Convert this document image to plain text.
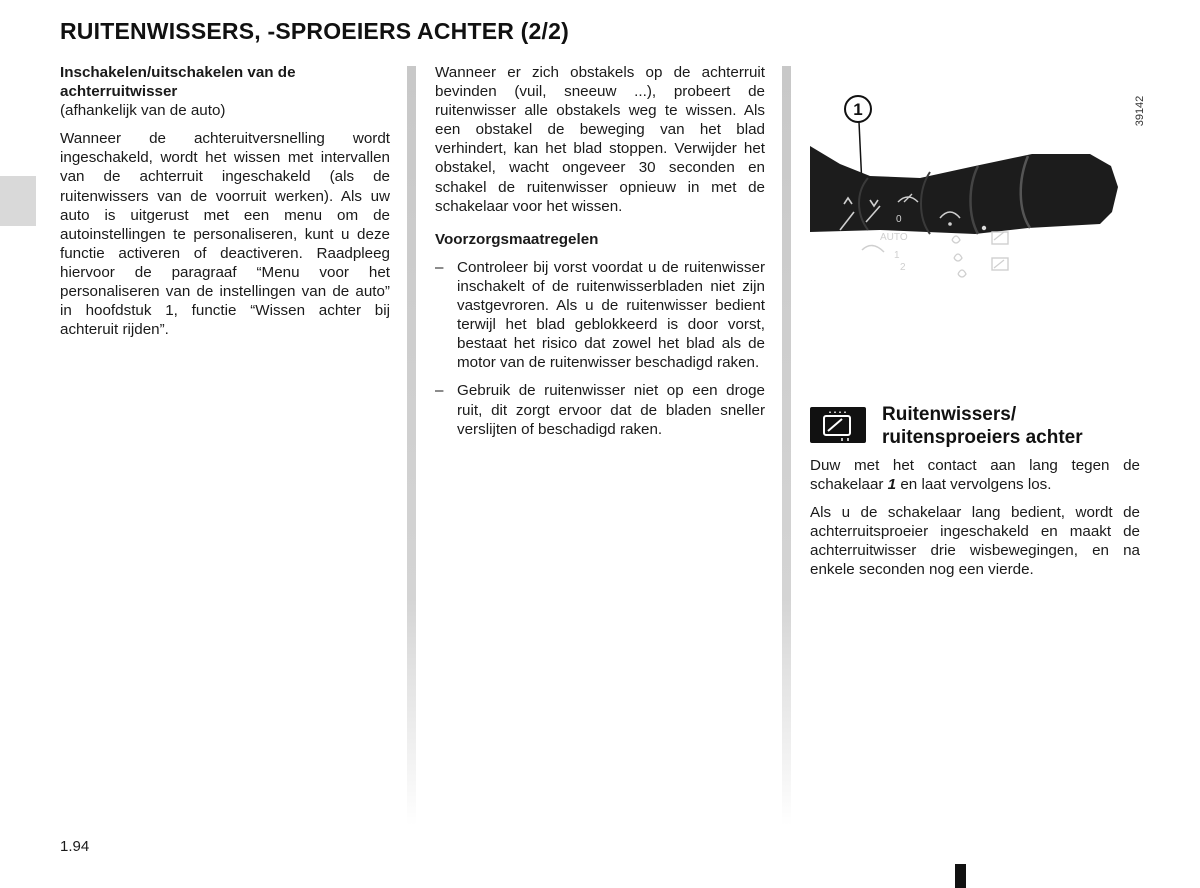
RUITENWISSERS, -SPROEIERS ACHTER (2/2)

Inschakelen/uitschakelen van de achterruitwisser

(afhankelijk van de auto)

Wanneer de achteruitversnelling wordt ingeschakeld, wordt het wissen met intervallen van de achterruit ingeschakeld (als de ruitenwissers van de voorruit werken). Als uw auto is uitgerust met een menu om de autoinstellingen te personaliseren, kunt u deze functie activeren of deactiveren. Raadpleeg hiervoor de paragraaf “Menu voor het personaliseren van de instellingen van de auto” in hoofdstuk 1, functie “Wissen achter bij achteruit rijden”.

Wanneer er zich obstakels op de achterruit bevinden (vuil, sneeuw ...), probeert de ruitenwisser alle obstakels weg te wissen. Als een obstakel de beweging van het blad verhindert, kan het blad stoppen. Verwijder het obstakel, wacht ongeveer 30 seconden en schakel de ruitenwisser opnieuw in met de schakelaar voor het wissen.

Voorzorgsmaatregelen

– Controleer bij vorst voordat u de ruitenwisser inschakelt of de ruitenwisserbladen niet zijn vastgevroren. Als u de ruitenwisser bedient terwijl het blad geblokkeerd is door vorst, bestaat het risico dat zowel het blad als de motor van de ruitenwisser beschadigd raken.

– Gebruik de ruitenwisser niet op een droge ruit, dit zorgt ervoor dat de bladen sneller verslijten of beschadigd raken.

39142
1
0
AUTO
1
2
Ruitenwissers/
ruitensproeiers achter

Duw met het contact aan lang tegen de schakelaar 1 en laat vervolgens los.

Als u de schakelaar lang bedient, wordt de achterruitsproeier ingeschakeld en maakt de achterruitwisser drie wisbewegingen, en na enkele seconden nog een vierde.

1.94
